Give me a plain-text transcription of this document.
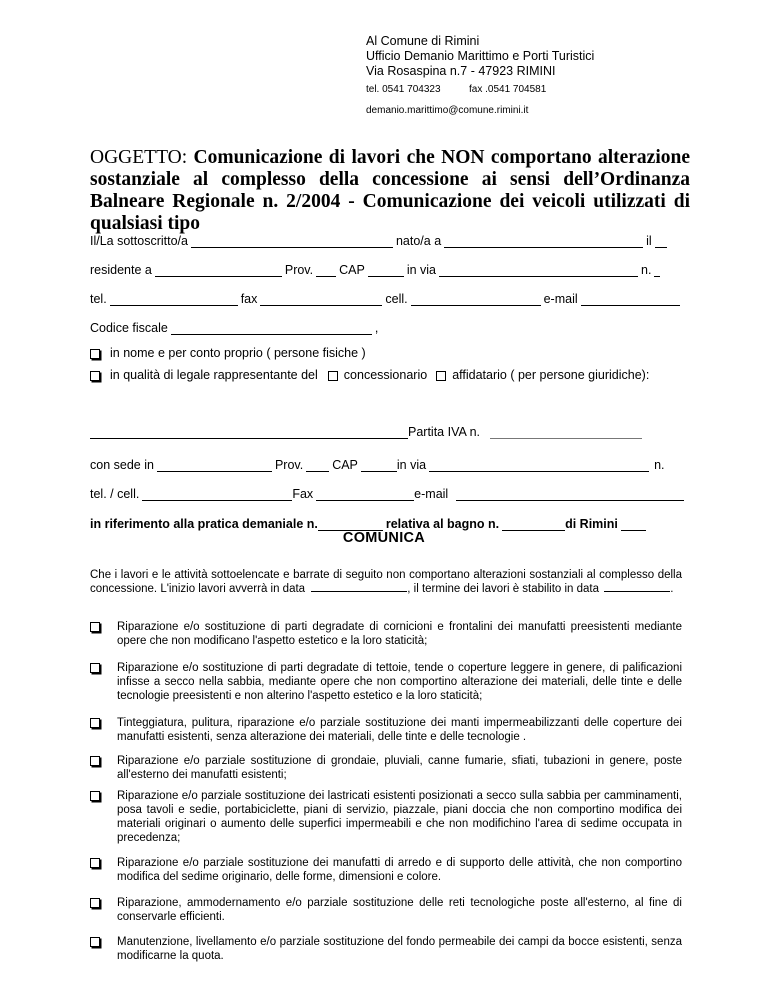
Al Comune di Rimini
Ufficio Demanio Marittimo e Porti Turistici
Via Rosaspina n.7 - 47923 RIMINI
tel. 0541 704323	fax .0541 704581
demanio.marittimo@comune.rimini.it
OGGETTO: Comunicazione di lavori che NON comportano alterazione sostanziale al complesso della concessione ai sensi dell’Ordinanza Balneare Regionale n. 2/2004 - Comunicazione dei veicoli utilizzati di qualsiasi tipo
Il/La sottoscritto/a	nato/a a	il
residente a	Prov. CAP	in via	n.
tel.	fax	cell.	e-mail
Codice fiscale	,
in nome e per conto proprio ( persone fisiche )
in qualità di legale rappresentante del concessionario affidatario ( per persone giuridiche):
Partita IVA n.
con sede in	Prov. CAP	in via	n.
tel. / cell.	Fax	e-mail
in riferimento alla pratica demaniale n.	relativa al bagno n.	di Rimini
COMUNICA
Che i lavori e le attività sottoelencate e barrate di seguito non comportano alterazioni sostanziali al complesso della concessione. L'inizio lavori avverrà in data	, il termine dei lavori è stabilito in data	.
Riparazione e/o sostituzione di parti degradate di cornicioni e frontalini dei manufatti preesistenti mediante opere che non modificano l'aspetto estetico e la loro staticità;
Riparazione e/o sostituzione di parti degradate di tettoie, tende o coperture leggere in genere, di palificazioni infisse a secco nella sabbia, mediante opere che non comportino alterazione dei materiali, delle tinte e delle tecnologie preesistenti e non alterino l'aspetto estetico e la loro staticità;
Tinteggiatura, pulitura, riparazione e/o parziale sostituzione dei manti impermeabilizzanti delle coperture dei manufatti esistenti, senza alterazione dei materiali, delle tinte e delle tecnologie .
Riparazione e/o parziale sostituzione di grondaie, pluviali, canne fumarie, sfiati, tubazioni in genere, poste all'esterno dei manufatti esistenti;
Riparazione e/o parziale sostituzione dei lastricati esistenti posizionati a secco sulla sabbia per camminamenti, posa tavoli e sedie, portabiciclette, piani di servizio, piazzale, piani doccia che non comportino modifica dei materiali originari o aumento delle superfici impermeabili e che non modifichino l'area di sedime occupata in precedenza;
Riparazione e/o parziale sostituzione dei manufatti di arredo e di supporto delle attività, che non comportino modifica del sedime originario, delle forme, dimensioni e colore.
Riparazione, ammodernamento e/o parziale sostituzione delle reti tecnologiche poste all'esterno, al fine di conservarle efficienti.
Manutenzione, livellamento e/o parziale sostituzione del fondo permeabile dei campi da bocce esistenti, senza modificarne la quota.
